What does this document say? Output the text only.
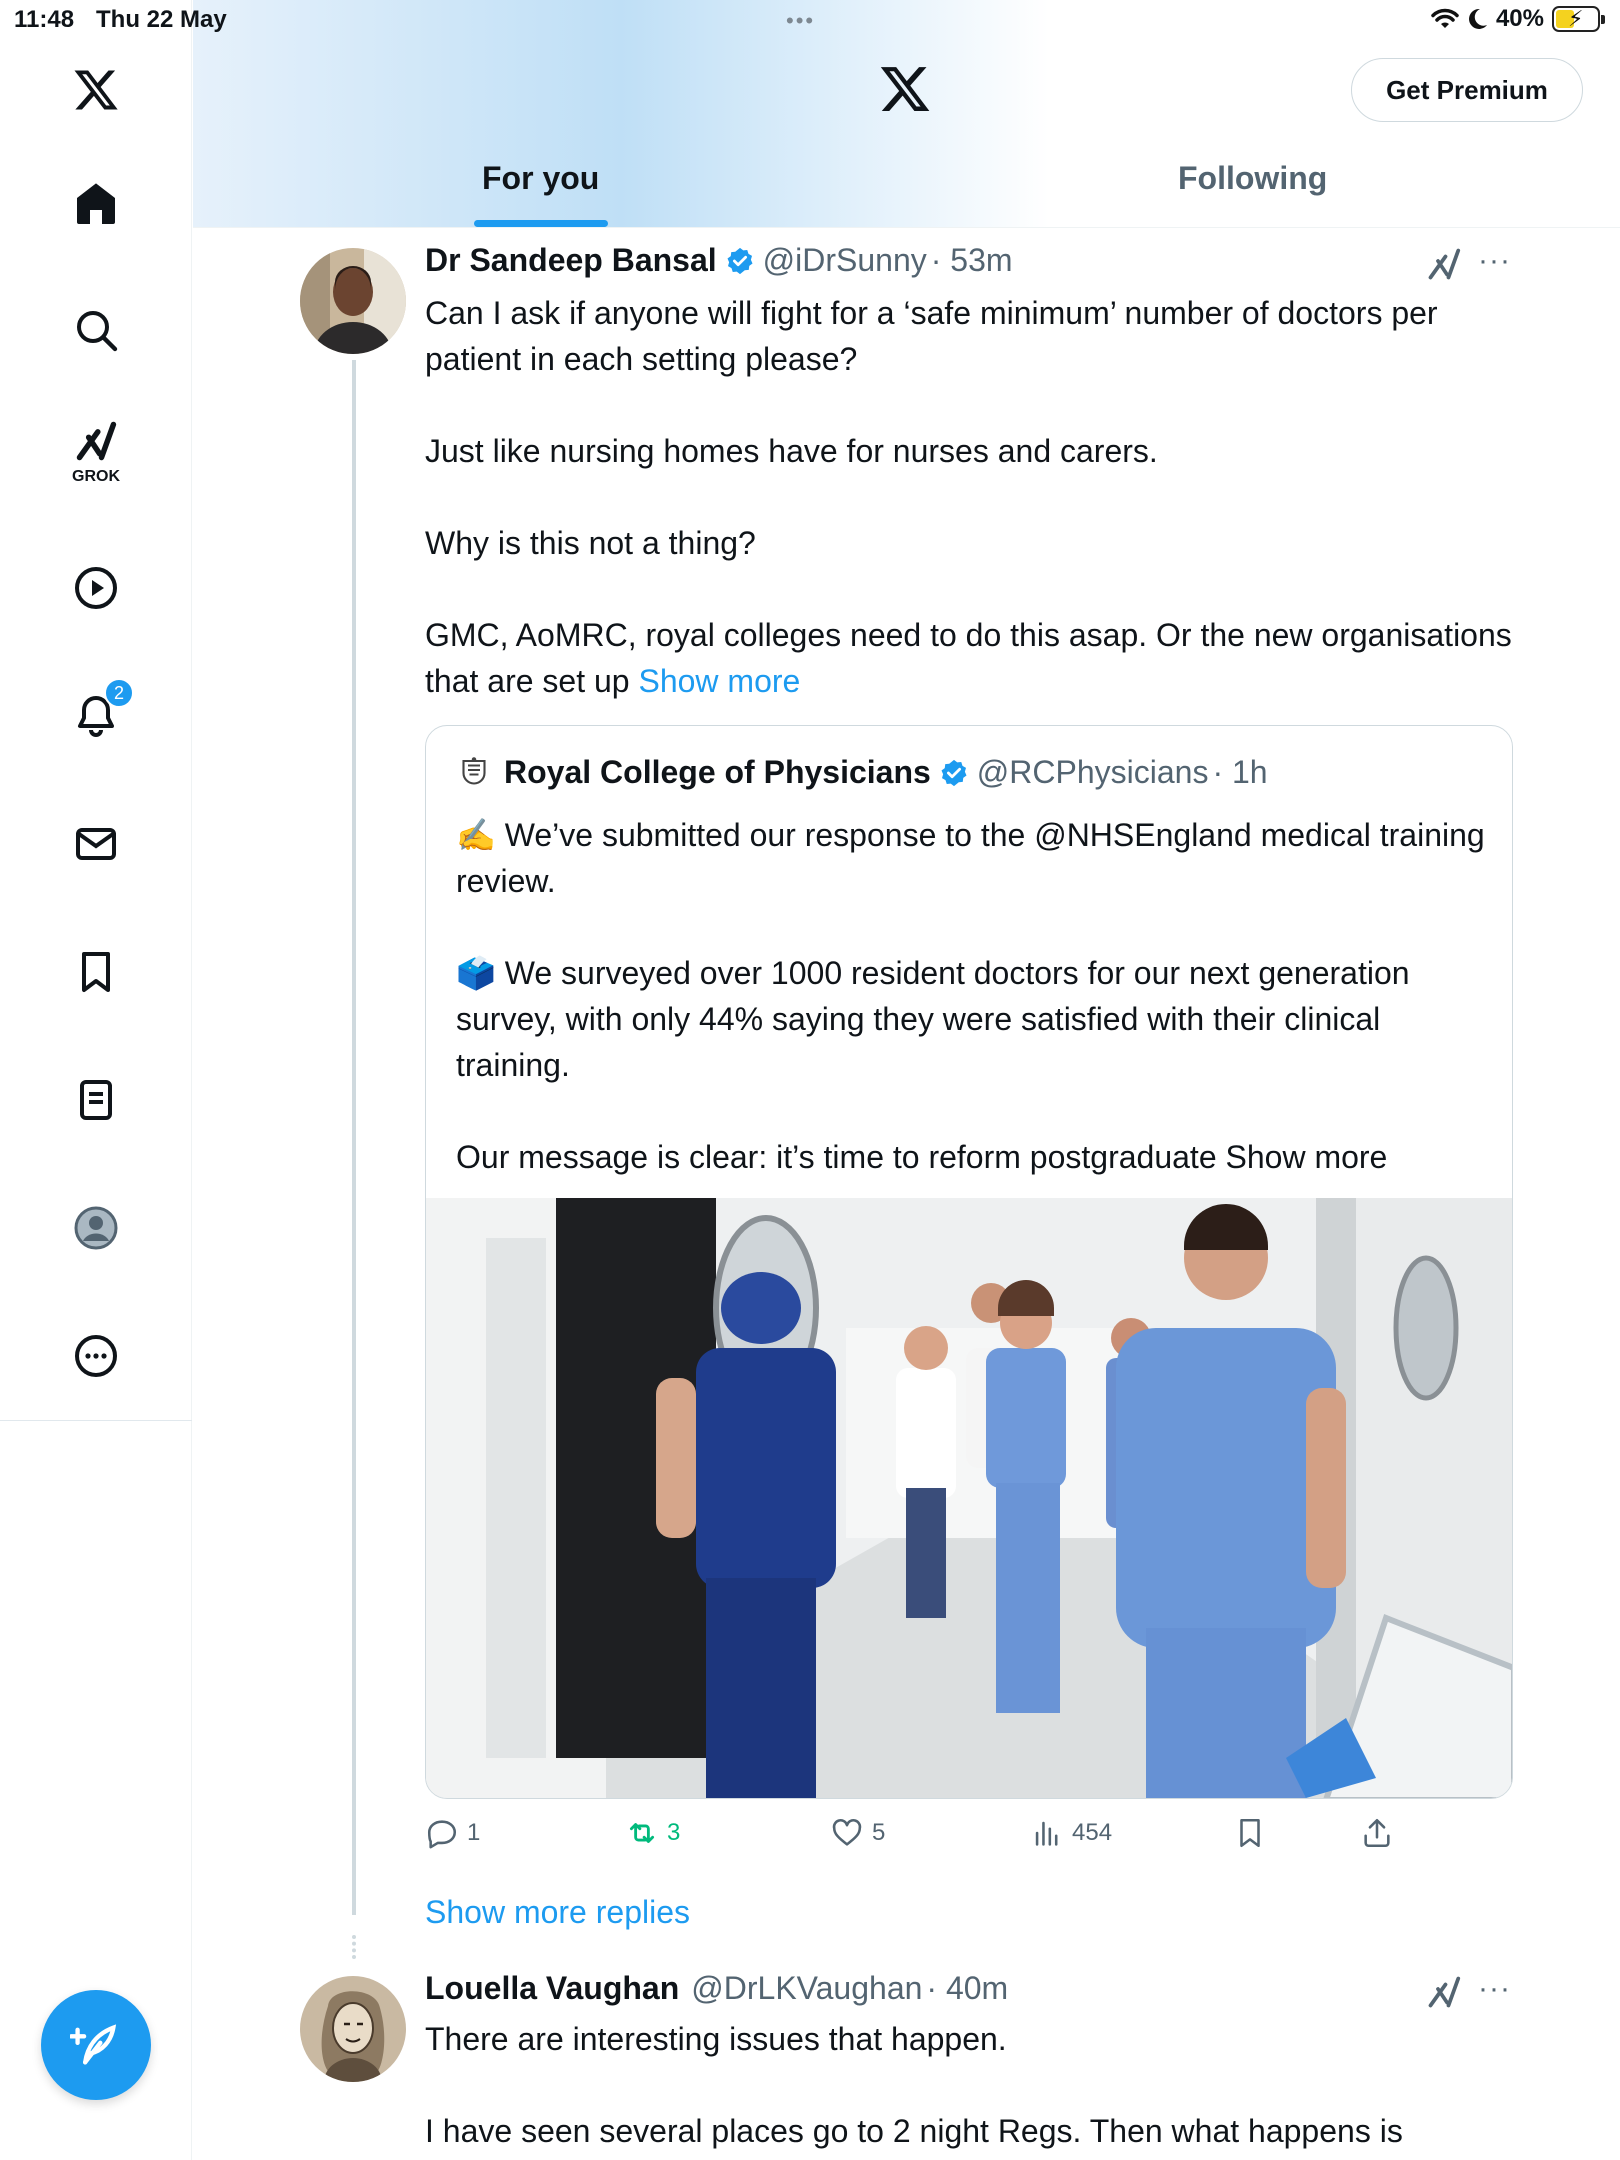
11:48 Thu 22 May	•••	40% ⚡
GROK
2
Get Premium
For you	Following
Dr Sandeep Bansal @iDrSunny · 53m	···

Can I ask if anyone will fight for a ‘safe minimum’ number of doctors per patient in each setting please?

Just like nursing homes have for nurses and carers.

Why is this not a thing?

GMC, AoMRC, royal colleges need to do this asap. Or the new organisations that are set up Show more

Royal College of Physicians @RCPhysicians · 1h

✍️ We’ve submitted our response to the @NHSEngland medical training review.

🗳️ We surveyed over 1000 resident doctors for our next generation survey, with only 44% saying they were satisfied with their clinical training.

Our message is clear: it’s time to reform postgraduate Show more

1	3	5	454
Show more replies
Louella Vaughan @DrLKVaughan · 40m	···

There are interesting issues that happen.

I have seen several places go to 2 night Regs. Then what happens is
